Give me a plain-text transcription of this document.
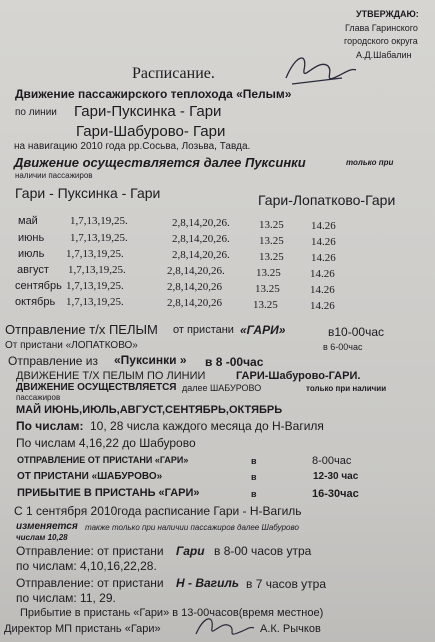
УТВЕРЖДАЮ:
Глава Гаринского
городского округа
А.Д.Шабалин
Расписание.
Движение пассажирского теплохода «Пелым»
по линии Гари-Пуксинка - Гари
Гари-Шабурово- Гари
на навигацию 2010 года рр.Сосьва, Лозьва, Тавда.
Движение осуществляется далее Пуксинки	только при
наличии пассажиров
Гари - Пуксинка - Гари	Гари-Лопатково-Гари
май	1,7,13,19,25.	2,8,14,20,26.	13.25 14.26
июнь 1,7,13,19,25.	2,8,14,20,26.	13.25 14.26
июль 1,7,13,19,25.	2,8,14,20,26.	13.25 14.26
август 1,7,13,19,25.	2,8,14,20,26.	13.25	14.26
сентябрь 1,7,13,19,25.	2,8,14,20,26	13.25	14.26
октябрь 1,7,13,19,25.	2,8,14,20,26	13.25	14.26
Отправление т/х ПЕЛЫМ от пристани «ГАРИ»	в10-00час
От пристани «ЛОПАТКОВО»	в 6-00час
Отправление из «Пуксинки » в 8 -00час
ДВИЖЕНИЕ Т/Х ПЕЛЫМ ПО ЛИНИИ	ГАРИ-Шабурово-ГАРИ.
ДВИЖЕНИЕ ОСУЩЕСТВЛЯЕТСЯ далее ШАБУРОВО	только при наличии
пассажиров
МАЙ ИЮНЬ,ИЮЛЬ,АВГУСТ,СЕНТЯБРЬ,ОКТЯБРЬ
По числам: 10, 28 числа каждого месяца до Н-Вагиля
По числам 4,16,22 до Шабурово
ОТПРАВЛЕНИЕ ОТ ПРИСТАНИ «ГАРИ»	в	8-00час
ОТ ПРИСТАНИ «ШАБУРОВО»	в	12-30 час
ПРИБЫТИЕ В ПРИСТАНЬ «ГАРИ»	в	16-30час
С 1 сентября 2010года расписание Гари - Н-Вагиль
изменяется также только при наличии пассажиров далее Шабурово
числам 10,28
Отправление: от пристани Гари в 8-00 часов утра
по числам: 4,10,16,22,28.
Отправление: от пристани Н - Вагиль в 7 часов утра
по числам: 11, 29.
Прибытие в пристань «Гари» в 13-00часов(время местное)
Директор МП пристань «Гари»	А.К. Рычков
